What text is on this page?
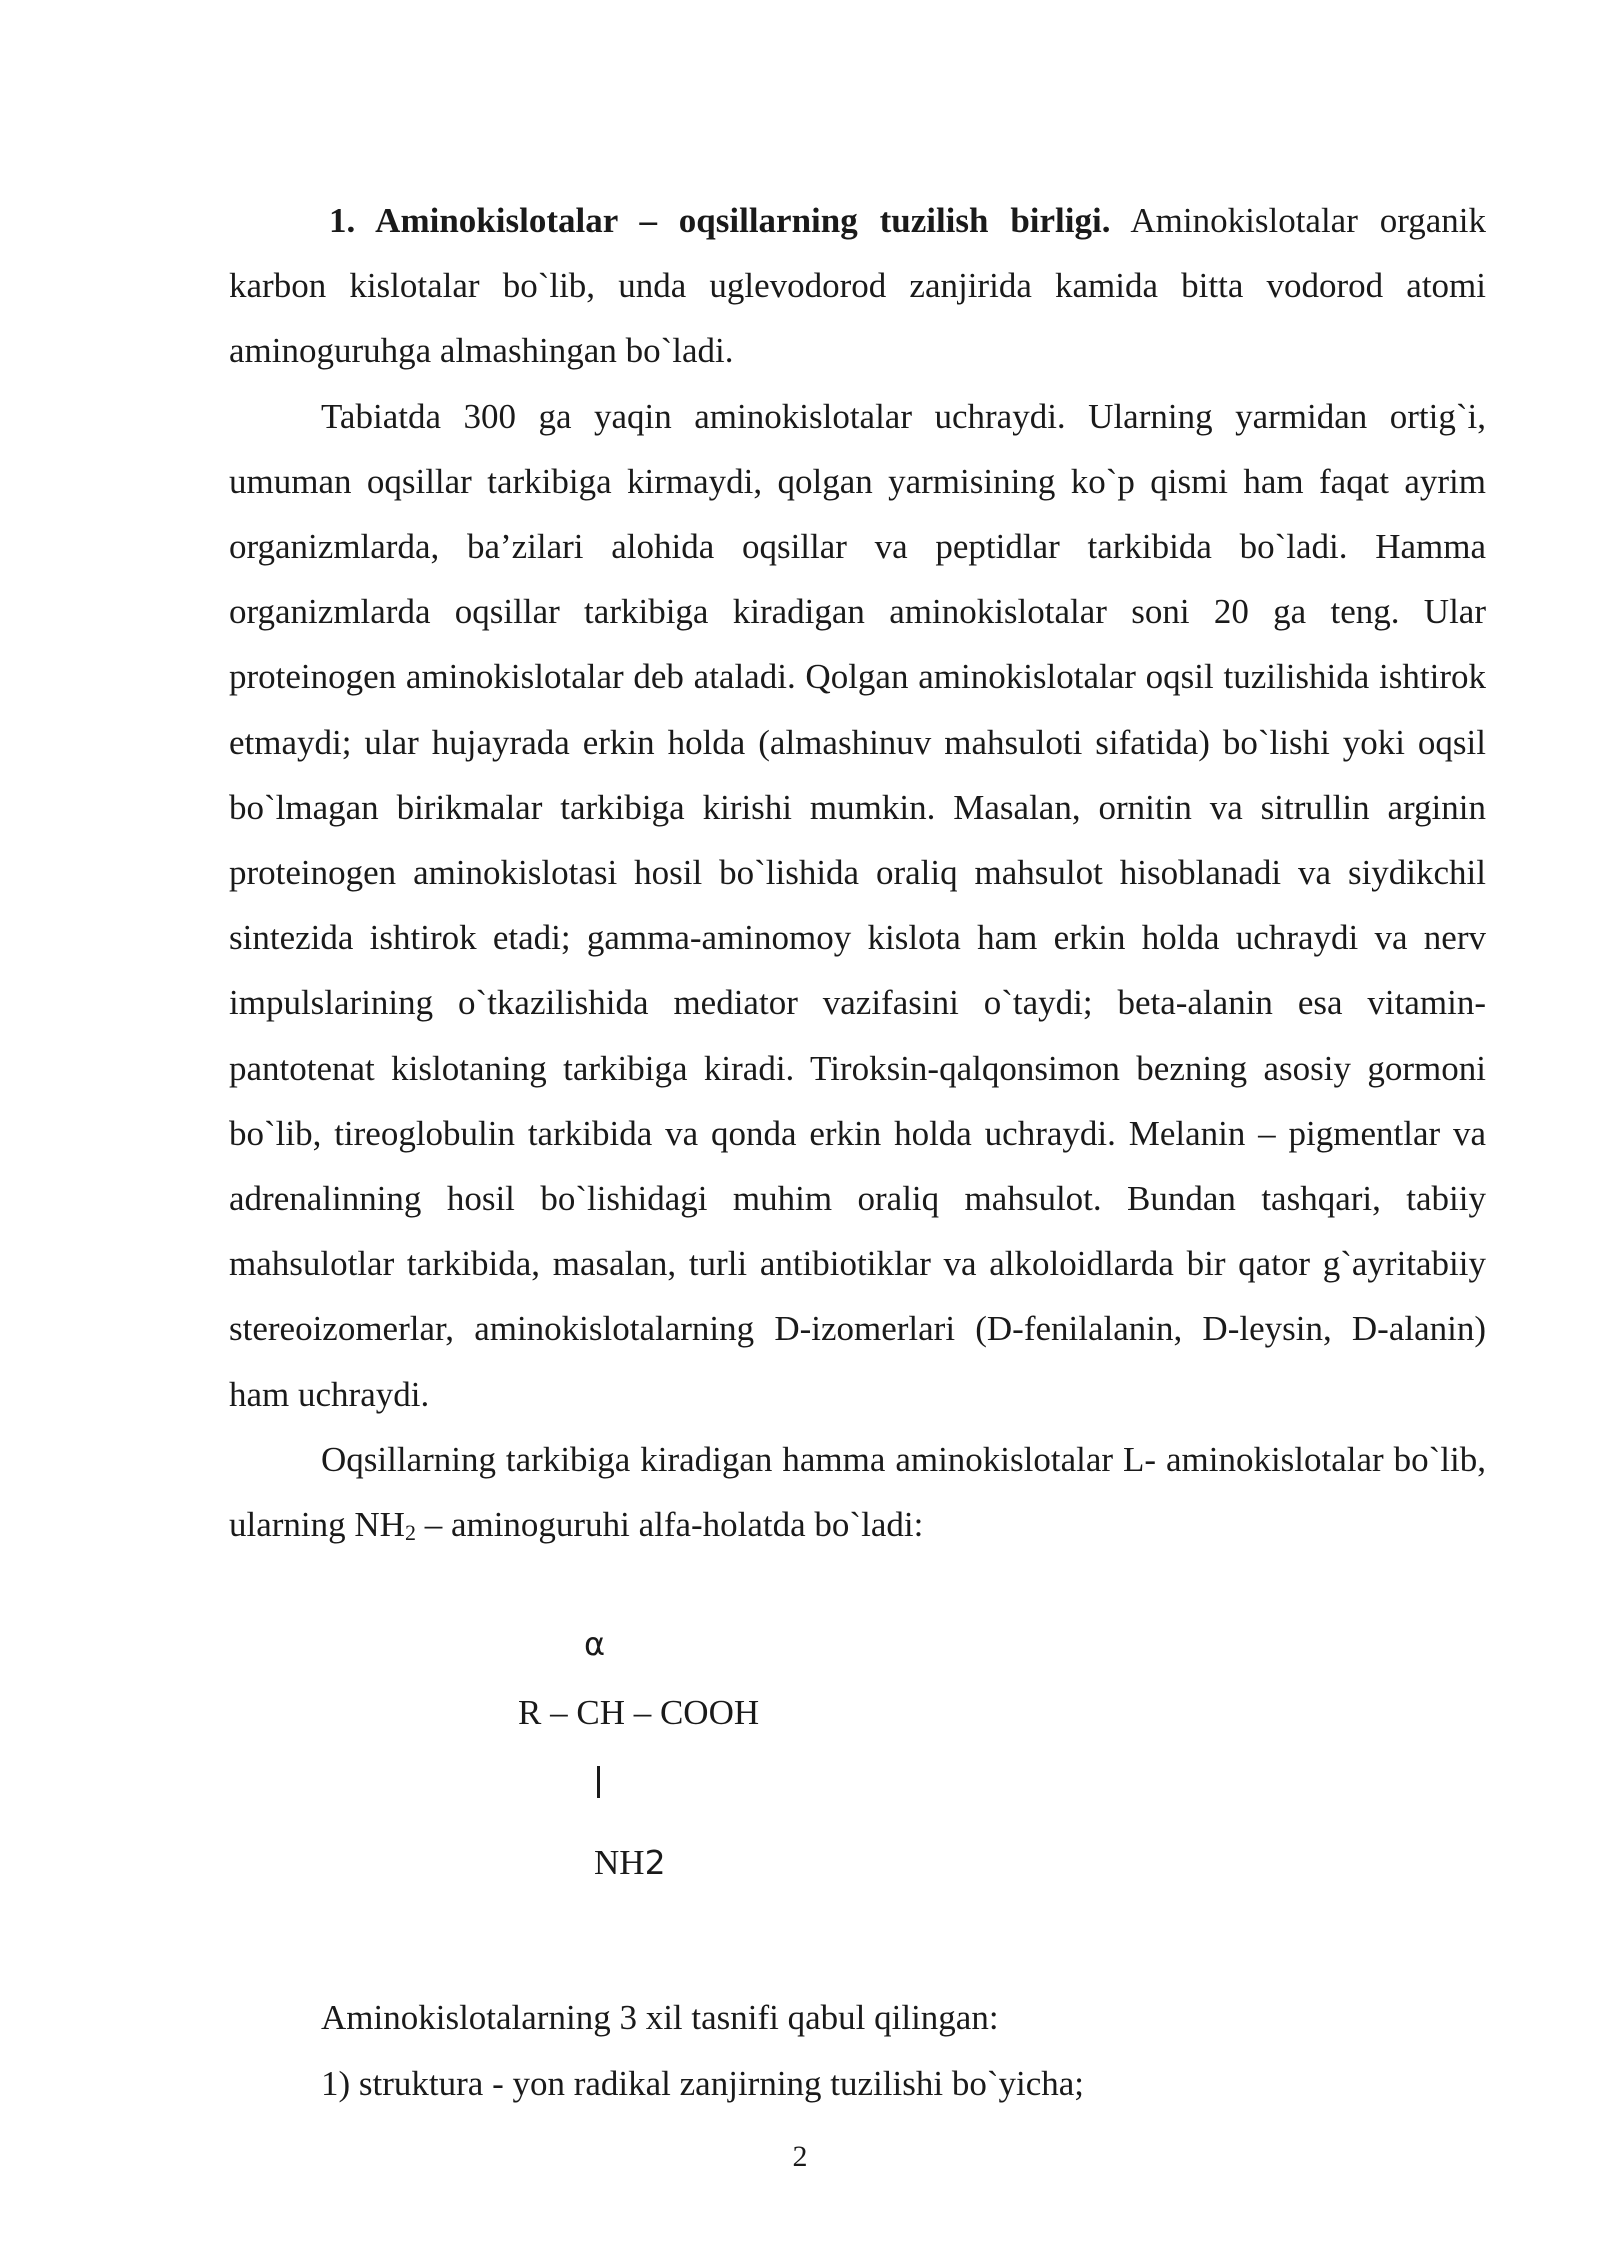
1. Aminokislotalar – oqsillarning tuzilish birligi. Aminokislotalar organik karbon kislotalar bo`lib, unda uglevodorod zanjirida kamida bitta vodorod atomi aminoguruhga almashingan bo`ladi.

Tabiatda 300 ga yaqin aminokislotalar uchraydi. Ularning yarmidan ortig`i, umuman oqsillar tarkibiga kirmaydi, qolgan yarmisining ko`p qismi ham faqat ayrim organizmlarda, ba’zilari alohida oqsillar va peptidlar tarkibida bo`ladi. Hamma organizmlarda oqsillar tarkibiga kiradigan aminokislotalar soni 20 ga teng. Ular proteinogen aminokislotalar deb ataladi. Qolgan aminokislotalar oqsil tuzilishida ishtirok etmaydi; ular hujayrada erkin holda (almashinuv mahsuloti sifatida) bo`lishi yoki oqsil bo`lmagan birikmalar tarkibiga kirishi mumkin. Masalan, ornitin va sitrullin arginin proteinogen aminokislotasi hosil bo`lishida oraliq mahsulot hisoblanadi va siydikchil sintezida ishtirok etadi; gamma-aminomoy kislota ham erkin holda uchraydi va nerv impulslarining o`tkazilishida mediator vazifasini o`taydi; beta-alanin esa vitamin-pantotenat kislotaning tarkibiga kiradi. Tiroksin-qalqonsimon bezning asosiy gormoni bo`lib, tireoglobulin tarkibida va qonda erkin holda uchraydi. Melanin – pigmentlar va adrenalinning hosil bo`lishidagi muhim oraliq mahsulot. Bundan tashqari, tabiiy mahsulotlar tarkibida, masalan, turli antibiotiklar va alkoloidlarda bir qator g`ayritabiiy stereoizomerlar, aminokislotalarning D-izomerlari (D-fenilalanin, D-leysin, D-alanin) ham uchraydi.

Oqsillarning tarkibiga kiradigan hamma aminokislotalar L- aminokislotalar bo`lib, ularning $NH_2$ – aminoguruhi alfa-holatda bo`ladi:

α
R – CH – COOH
NH2

Aminokislotalarning 3 xil tasnifi qabul qilingan:

1) struktura - yon radikal zanjirning tuzilishi bo`yicha;

2
